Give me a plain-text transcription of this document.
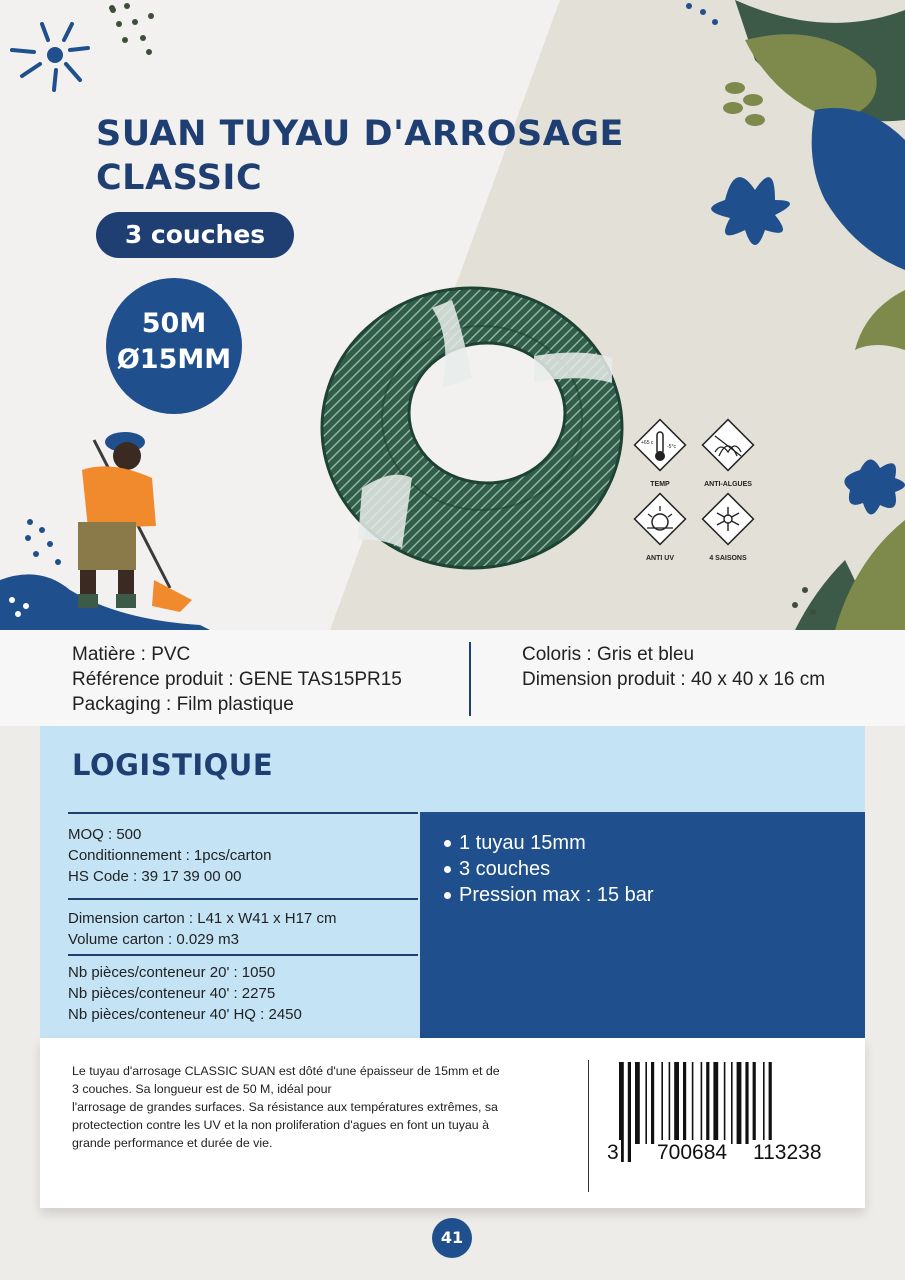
SUAN TUYAU D'ARROSAGE
CLASSIC
3 couches
50M
Ø15MM
+65 c
-5°c
TEMP	ANTI-ALGUES
ANTI UV	4 SAISONS
Matière : PVC
Référence produit : GENE TAS15PR15
Packaging : Film plastique
Coloris : Gris et bleu
Dimension produit : 40 x 40 x 16 cm
LOGISTIQUE
MOQ : 500
Conditionnement : 1pcs/carton
HS Code : 39 17 39 00 00
Dimension carton : L41 x W41 x H17 cm
Volume carton : 0.029 m3
Nb pièces/conteneur 20' : 1050
Nb pièces/conteneur 40' : 2275
Nb pièces/conteneur 40' HQ : 2450
1 tuyau 15mm
3 couches
Pression max : 15 bar

Le tuyau d'arrosage CLASSIC SUAN est dôté d'une épaisseur de 15mm et de
3 couches. Sa longueur est de 50 M, idéal pour
l'arrosage de grandes surfaces. Sa résistance aux températures extrêmes, sa
protectection contre les UV et la non proliferation d'agues en font un tuyau à
grande performance et durée de vie.	3 700684 113238
41
